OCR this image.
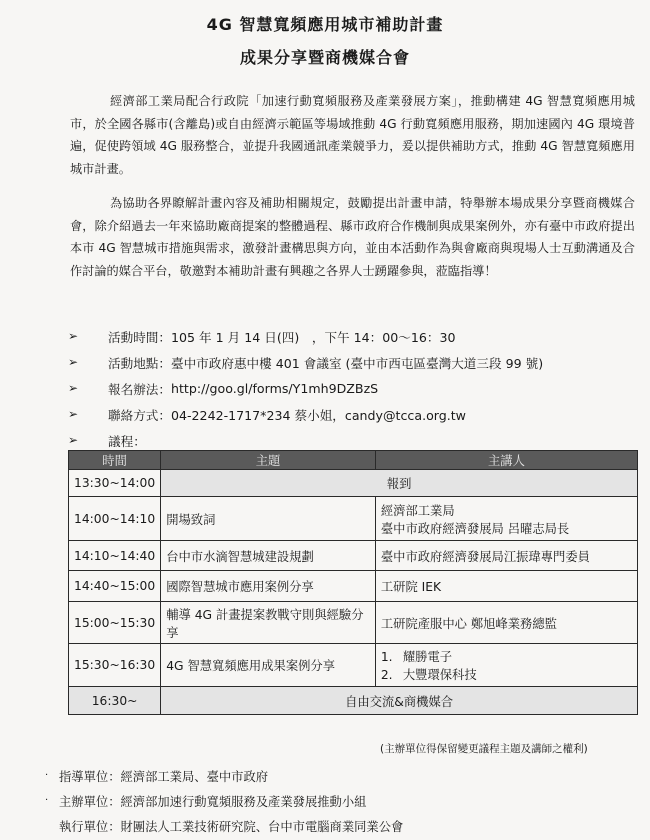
4G 智慧寬頻應用城市補助計畫
成果分享暨商機媒合會
經濟部工業局配合行政院「加速行動寬頻服務及產業發展方案」，推動構建 4G 智慧寬頻應用城市，於全國各縣市(含離島)或自由經濟示範區等場域推動 4G 行動寬頻應用服務，期加速國內 4G 環境普遍，促使跨領域 4G 服務整合，並提升我國通訊產業競爭力，爰以提供補助方式，推動 4G 智慧寬頻應用城市計畫。
為協助各界瞭解計畫內容及補助相關規定，鼓勵提出計畫申請，特舉辦本場成果分享暨商機媒合會，除介紹過去一年來協助廠商提案的整體過程、縣市政府合作機制與成果案例外，亦有臺中市政府提出本市 4G 智慧城市措施與需求，激發計畫構思與方向，並由本活動作為與會廠商與現場人士互動溝通及合作討論的媒合平台，敬邀對本補助計畫有興趣之各界人士踴躍參與，蒞臨指導！
➢	活動時間： 105 年 1 月 14 日(四)　，下午 14：00～16：30
➢	活動地點： 臺中市政府惠中樓 401 會議室 (臺中市西屯區臺灣大道三段 99 號)
➢	報名辦法： http://goo.gl/forms/Y1mh9DZBzS
➢	聯絡方式： 04-2242-1717*234 蔡小姐，candy@tcca.org.tw
➢	議程：
時間	主題	主講人
13:30~14:00	報到	
14:00~14:10	開場致詞	經濟部工業局
臺中市政府經濟發展局 呂曜志局長

14:10~14:40	台中市水滴智慧城建設規劃	臺中市政府經濟發展局江振瑋專門委員
14:40~15:00	國際智慧城市應用案例分享	工研院 IEK
15:00~15:30	輔導 4G 計畫提案教戰守則與經驗分享	工研院產服中心 鄭旭峰業務總監
15:30~16:30	4G 智慧寬頻應用成果案例分享	1. 耀勝電子
2. 大豐環保科技

16:30~	自由交流&商機媒合	
(主辦單位得保留變更議程主題及講師之權利)
· 指導單位：經濟部工業局、臺中市政府
· 主辦單位：經濟部加速行動寬頻服務及產業發展推動小組
執行單位：財團法人工業技術研究院、台中市電腦商業同業公會
